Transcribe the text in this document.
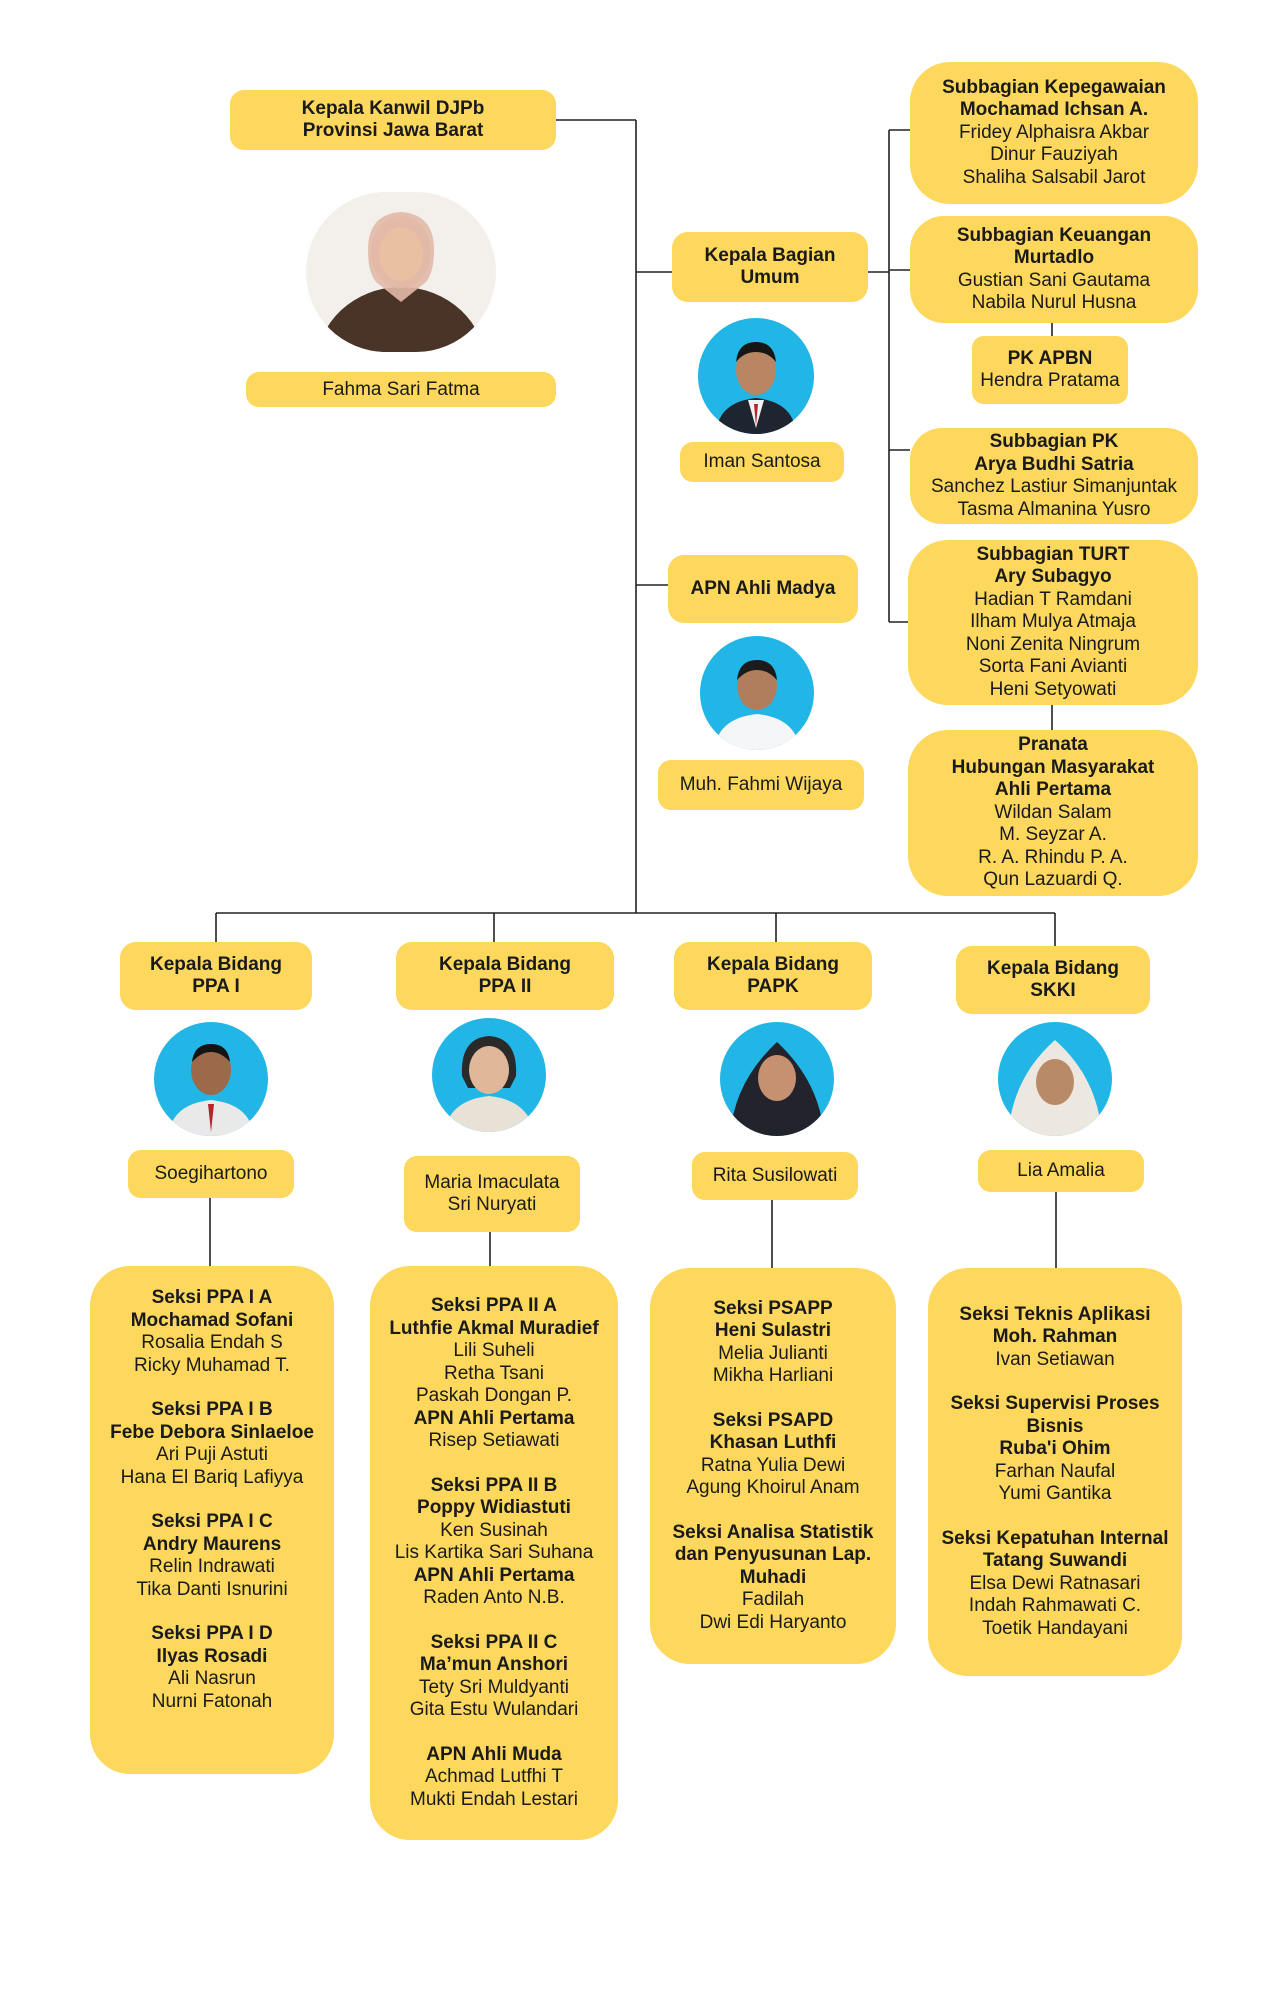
Kepala Kanwil DJPb
Provinsi Jawa Barat
Fahma Sari Fatma
Kepala Bagian
Umum
Iman Santosa
APN Ahli Madya
Muh. Fahmi Wijaya
Subbagian Kepegawaian
Mochamad Ichsan A.
Fridey Alphaisra Akbar
Dinur Fauziyah
Shaliha Salsabil Jarot
Subbagian Keuangan
Murtadlo
Gustian Sani Gautama
Nabila Nurul Husna
PK APBN
Hendra Pratama
Subbagian PK
Arya Budhi Satria
Sanchez Lastiur Simanjuntak
Tasma Almanina Yusro
Subbagian TURT
Ary Subagyo
Hadian T Ramdani
Ilham Mulya Atmaja
Noni Zenita Ningrum
Sorta Fani Avianti
Heni Setyowati
Pranata
Hubungan Masyarakat
Ahli Pertama
Wildan Salam
M. Seyzar A.
R. A. Rhindu P. A.
Qun Lazuardi Q.
Kepala Bidang
PPA I
Kepala Bidang
PPA II
Kepala Bidang
PAPK
Kepala Bidang
SKKI
Soegihartono	Maria Imaculata
Sri Nuryati
Rita Susilowati	Lia Amalia
Seksi PPA I A
Mochamad Sofani
Rosalia Endah S
Ricky Muhamad T.
Seksi PPA I B
Febe Debora Sinlaeloe
Ari Puji Astuti
Hana El Bariq Lafiyya
Seksi PPA I C
Andry Maurens
Relin Indrawati
Tika Danti Isnurini
Seksi PPA I D
Ilyas Rosadi
Ali Nasrun
Nurni Fatonah
Seksi PPA II A
Luthfie Akmal Muradief
Lili Suheli
Retha Tsani
Paskah Dongan P.
APN Ahli Pertama
Risep Setiawati
Seksi PPA II B
Poppy Widiastuti
Ken Susinah
Lis Kartika Sari Suhana
APN Ahli Pertama
Raden Anto N.B.
Seksi PPA II C
Ma’mun Anshori
Tety Sri Muldyanti
Gita Estu Wulandari
APN Ahli Muda
Achmad Lutfhi T
Mukti Endah Lestari
Seksi PSAPP
Heni Sulastri
Melia Julianti
Mikha Harliani
Seksi PSAPD
Khasan Luthfi
Ratna Yulia Dewi
Agung Khoirul Anam
Seksi Analisa Statistik
dan Penyusunan Lap.
Muhadi
Fadilah
Dwi Edi Haryanto
Seksi Teknis Aplikasi
Moh. Rahman
Ivan Setiawan
Seksi Supervisi Proses
Bisnis
Ruba'i Ohim
Farhan Naufal
Yumi Gantika
Seksi Kepatuhan Internal
Tatang Suwandi
Elsa Dewi Ratnasari
Indah Rahmawati C.
Toetik Handayani
